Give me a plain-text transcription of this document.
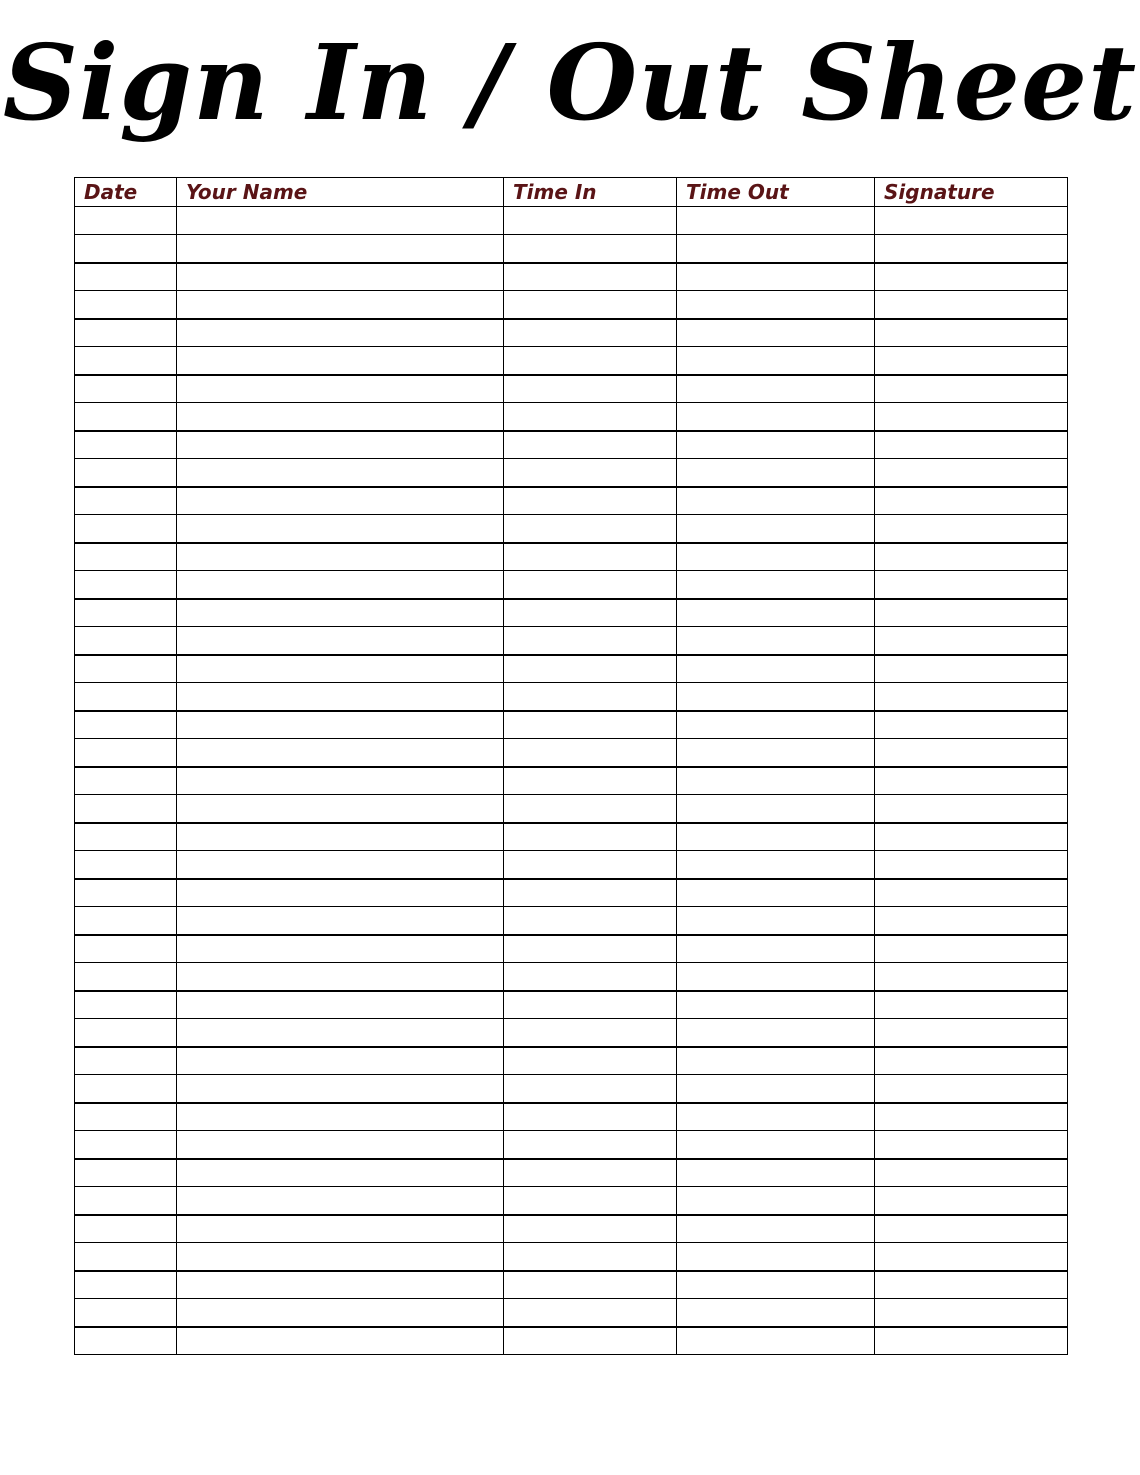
Sign In / Out Sheet
Date	Your Name	Time In	Time Out	Signature
